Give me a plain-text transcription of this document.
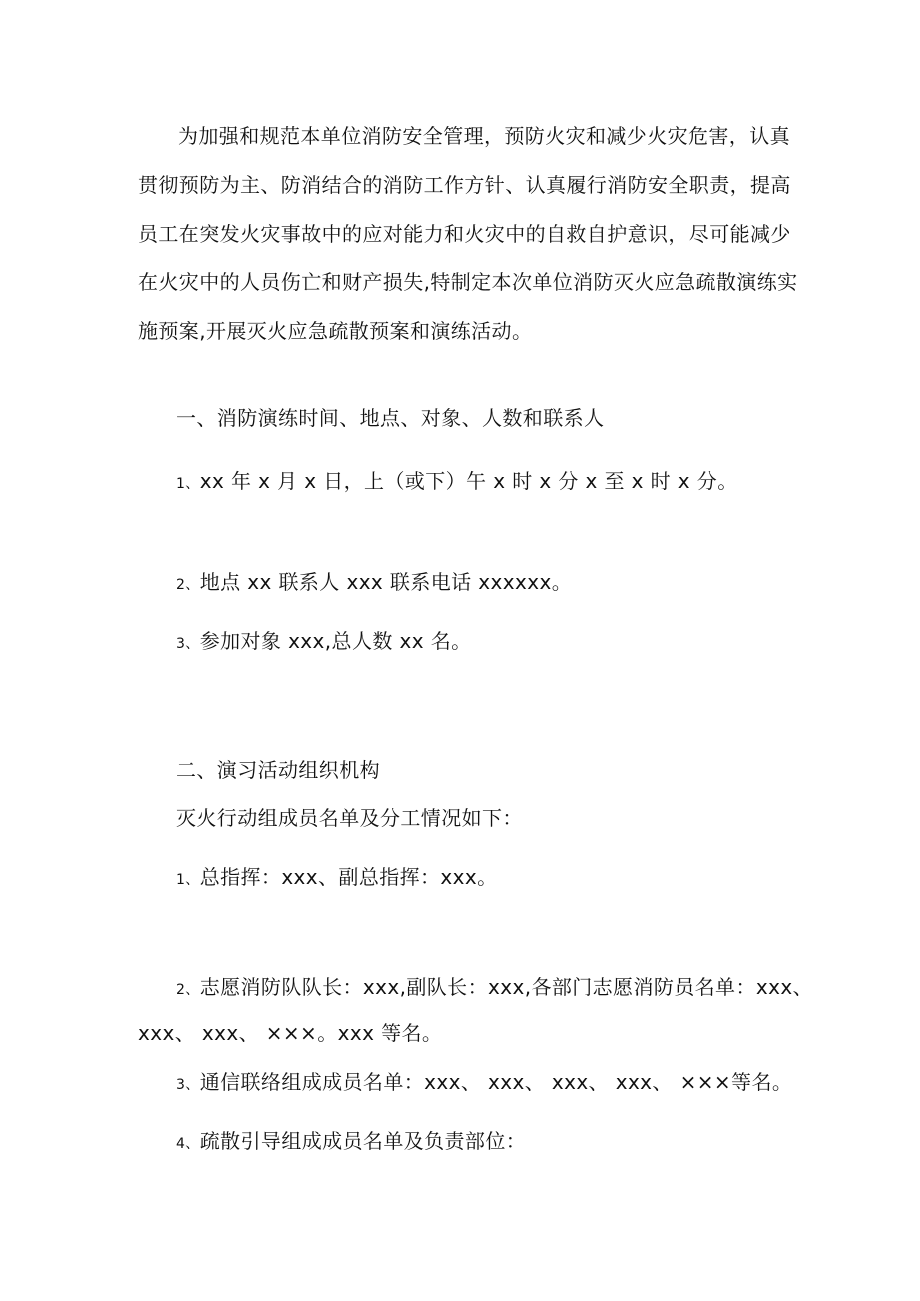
为加强和规范本单位消防安全管理，预防火灾和减少火灾危害，认真贯彻预防为主、防消结合的消防工作方针、认真履行消防安全职责，提高员工在突发火灾事故中的应对能力和火灾中的自救自护意识，尽可能减少在火灾中的人员伤亡和财产损失,特制定本次单位消防灭火应急疏散演练实施预案,开展灭火应急疏散预案和演练活动。

一、消防演练时间、地点、对象、人数和联系人

1、xx 年 x 月 x 日，上（或下）午 x 时 x 分 x 至 x 时 x 分。

2、地点 xx 联系人 xxx 联系电话 xxxxxx。

3、参加对象 xxx,总人数 xx 名。

二、演习活动组织机构

灭火行动组成员名单及分工情况如下：

1、总指挥：xxx、副总指挥：xxx。

2、志愿消防队队长：xxx,副队长：xxx,各部门志愿消防员名单：xxx、

xxx、 xxx、 ×××。xxx 等名。

3、通信联络组成成员名单：xxx、 xxx、 xxx、 xxx、 ×××等名。

4、疏散引导组成成员名单及负责部位：
